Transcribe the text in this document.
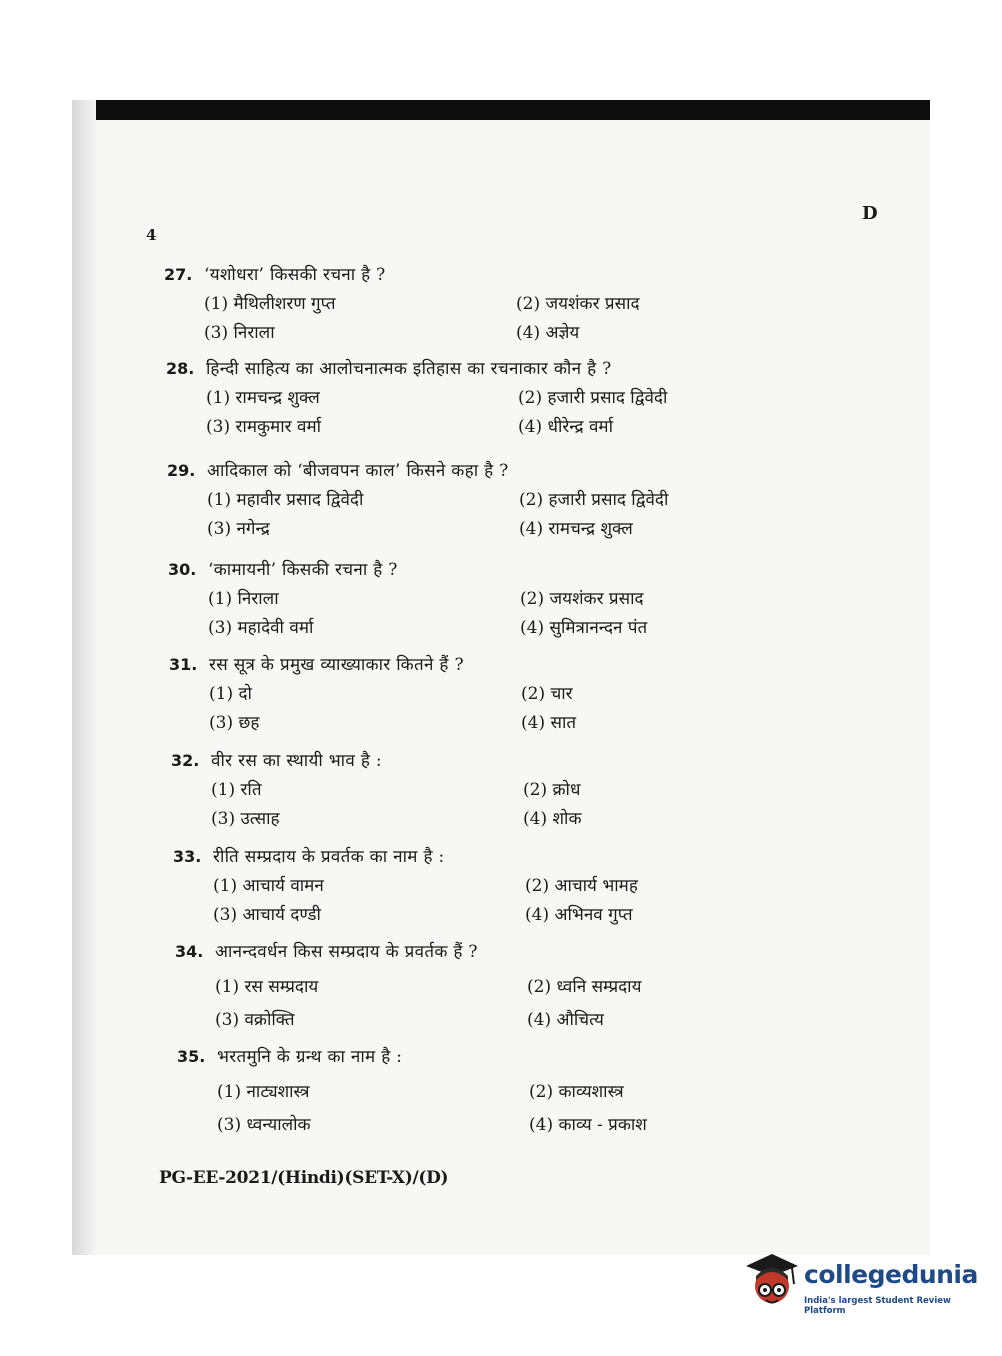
4
D
27. ‘यशोधरा’ किसकी रचना है ?
(1) मैथिलीशरण गुप्त	(2) जयशंकर प्रसाद
(3) निराला	(4) अज्ञेय
28. हिन्दी साहित्य का आलोचनात्मक इतिहास का रचनाकार कौन है ?
(1) रामचन्द्र शुक्ल	(2) हजारी प्रसाद द्विवेदी
(3) रामकुमार वर्मा	(4) धीरेन्द्र वर्मा
29. आदिकाल को ‘बीजवपन काल’ किसने कहा है ?
(1) महावीर प्रसाद द्विवेदी	(2) हजारी प्रसाद द्विवेदी
(3) नगेन्द्र	(4) रामचन्द्र शुक्ल
30. ‘कामायनी’ किसकी रचना है ?
(1) निराला	(2) जयशंकर प्रसाद
(3) महादेवी वर्मा	(4) सुमित्रानन्दन पंत
31. रस सूत्र के प्रमुख व्याख्याकार कितने हैं ?
(1) दो	(2) चार
(3) छह	(4) सात
32. वीर रस का स्थायी भाव है :
(1) रति	(2) क्रोध
(3) उत्साह	(4) शोक
33. रीति सम्प्रदाय के प्रवर्तक का नाम है :
(1) आचार्य वामन	(2) आचार्य भामह
(3) आचार्य दण्डी	(4) अभिनव गुप्त
34. आनन्दवर्धन किस सम्प्रदाय के प्रवर्तक हैं ?
(1) रस सम्प्रदाय	(2) ध्वनि सम्प्रदाय
(3) वक्रोक्ति	(4) औचित्य
35. भरतमुनि के ग्रन्थ का नाम है :
(1) नाट्यशास्त्र	(2) काव्यशास्त्र
(3) ध्वन्यालोक	(4) काव्य - प्रकाश
PG-EE-2021/(Hindi)(SET-X)/(D)
collegedunia
India's largest Student Review Platform
